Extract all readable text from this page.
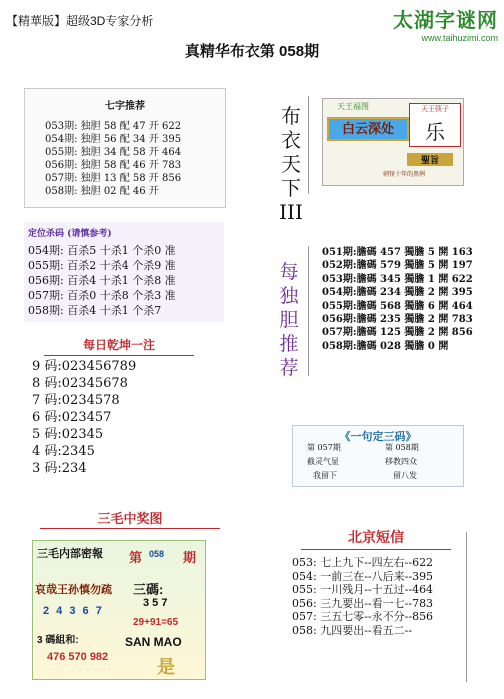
【精華版】超级3D专家分析	太湖字谜网
www.taihuzimi.com
真精华布衣第 058期
七字推荐
053期: 独胆 58 配 47 开 622
054期: 独胆 56 配 34 开 395
055期: 独胆 34 配 58 开 464
056期: 独胆 58 配 46 开 783
057期: 独胆 13 配 58 开 856
058期: 独胆 02 配 46 开
定位杀码 (请慎参考)
054期: 百杀5 十杀1 个杀0 准
055期: 百杀2 十杀4 个杀9 准
056期: 百杀4 十杀1 个杀8 准
057期: 百杀0 十杀8 个杀3 准
058期: 百杀4 十杀1 个杀7
每日乾坤一注
9 码:023456789
8 码:02345678
7 码:0234578
6 码:023457
5 码:02345
4 码:2345
3 码:234
三毛中奖图
三毛内部密報 第 058 期
哀哉王孙慎勿疏 三碼:
3 5 7
2 4 3 6 7
29+91=65
3 碼組和:	SAN MAO
476 570 982	是
布
衣
天
下
III
每
独
胆
推
荐
天王福图
白云深处
天王筷子
乐
聖旨
刺怪十年的黑例
051期:膽碼 457 獨膽 5 開 163
052期:膽碼 579 獨膽 5 開 197
053期:膽碼 345 獨膽 1 開 622
054期:膽碼 234 獨膽 2 開 395
055期:膽碼 568 獨膽 6 開 464
056期:膽碼 235 獨膽 2 開 783
057期:膽碼 125 獨膽 2 開 856
058期:膽碼 028 獨膽 0 開
《一句定三码》
第 057期	第 058期
截灵气显	移教四众
我留下	留八发
北京短信
053: 七上九下--四左右--622
054: 一前三在--八后来--395
055: 一川残月--十五过--464
056: 三九要出--看一七--783
057: 三五七零--永不分--856
058: 九四要出--看五二--
